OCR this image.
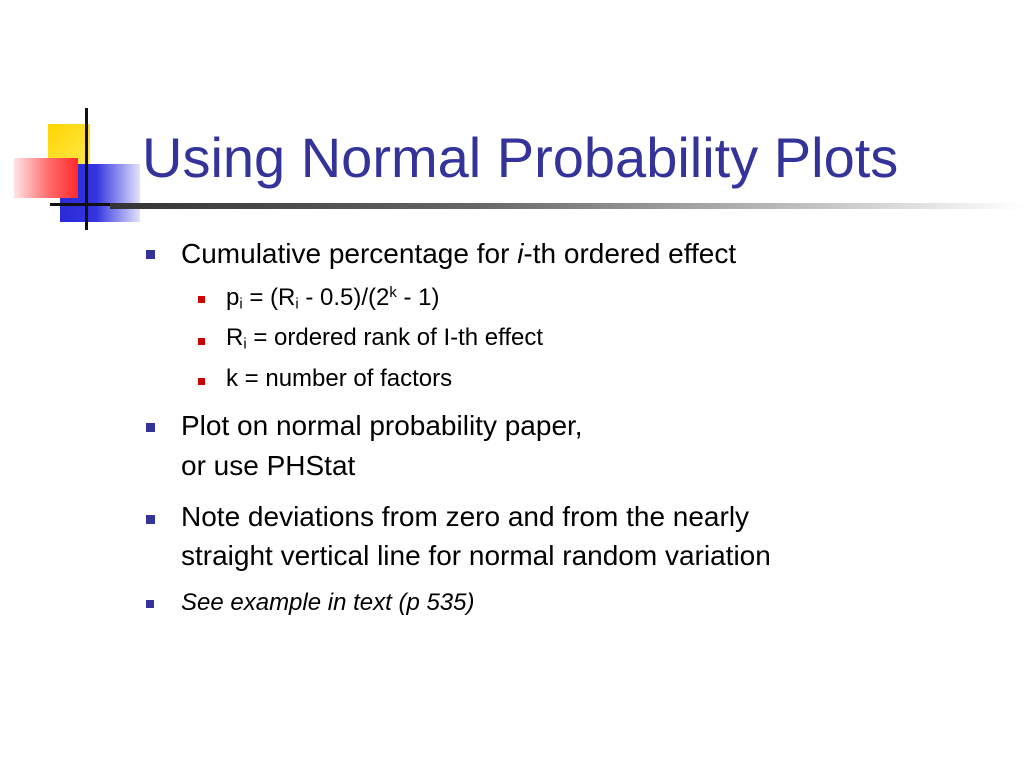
Using Normal Probability Plots
Cumulative percentage for i-th ordered effect
$p_i = (R_i - 0.5)/(2^k - 1)$
$R_i$ = ordered rank of I-th effect
k = number of factors
Plot on normal probability paper,
or use PHStat
Note deviations from zero and from the nearly
straight vertical line for normal random variation
See example in text (p 535)
